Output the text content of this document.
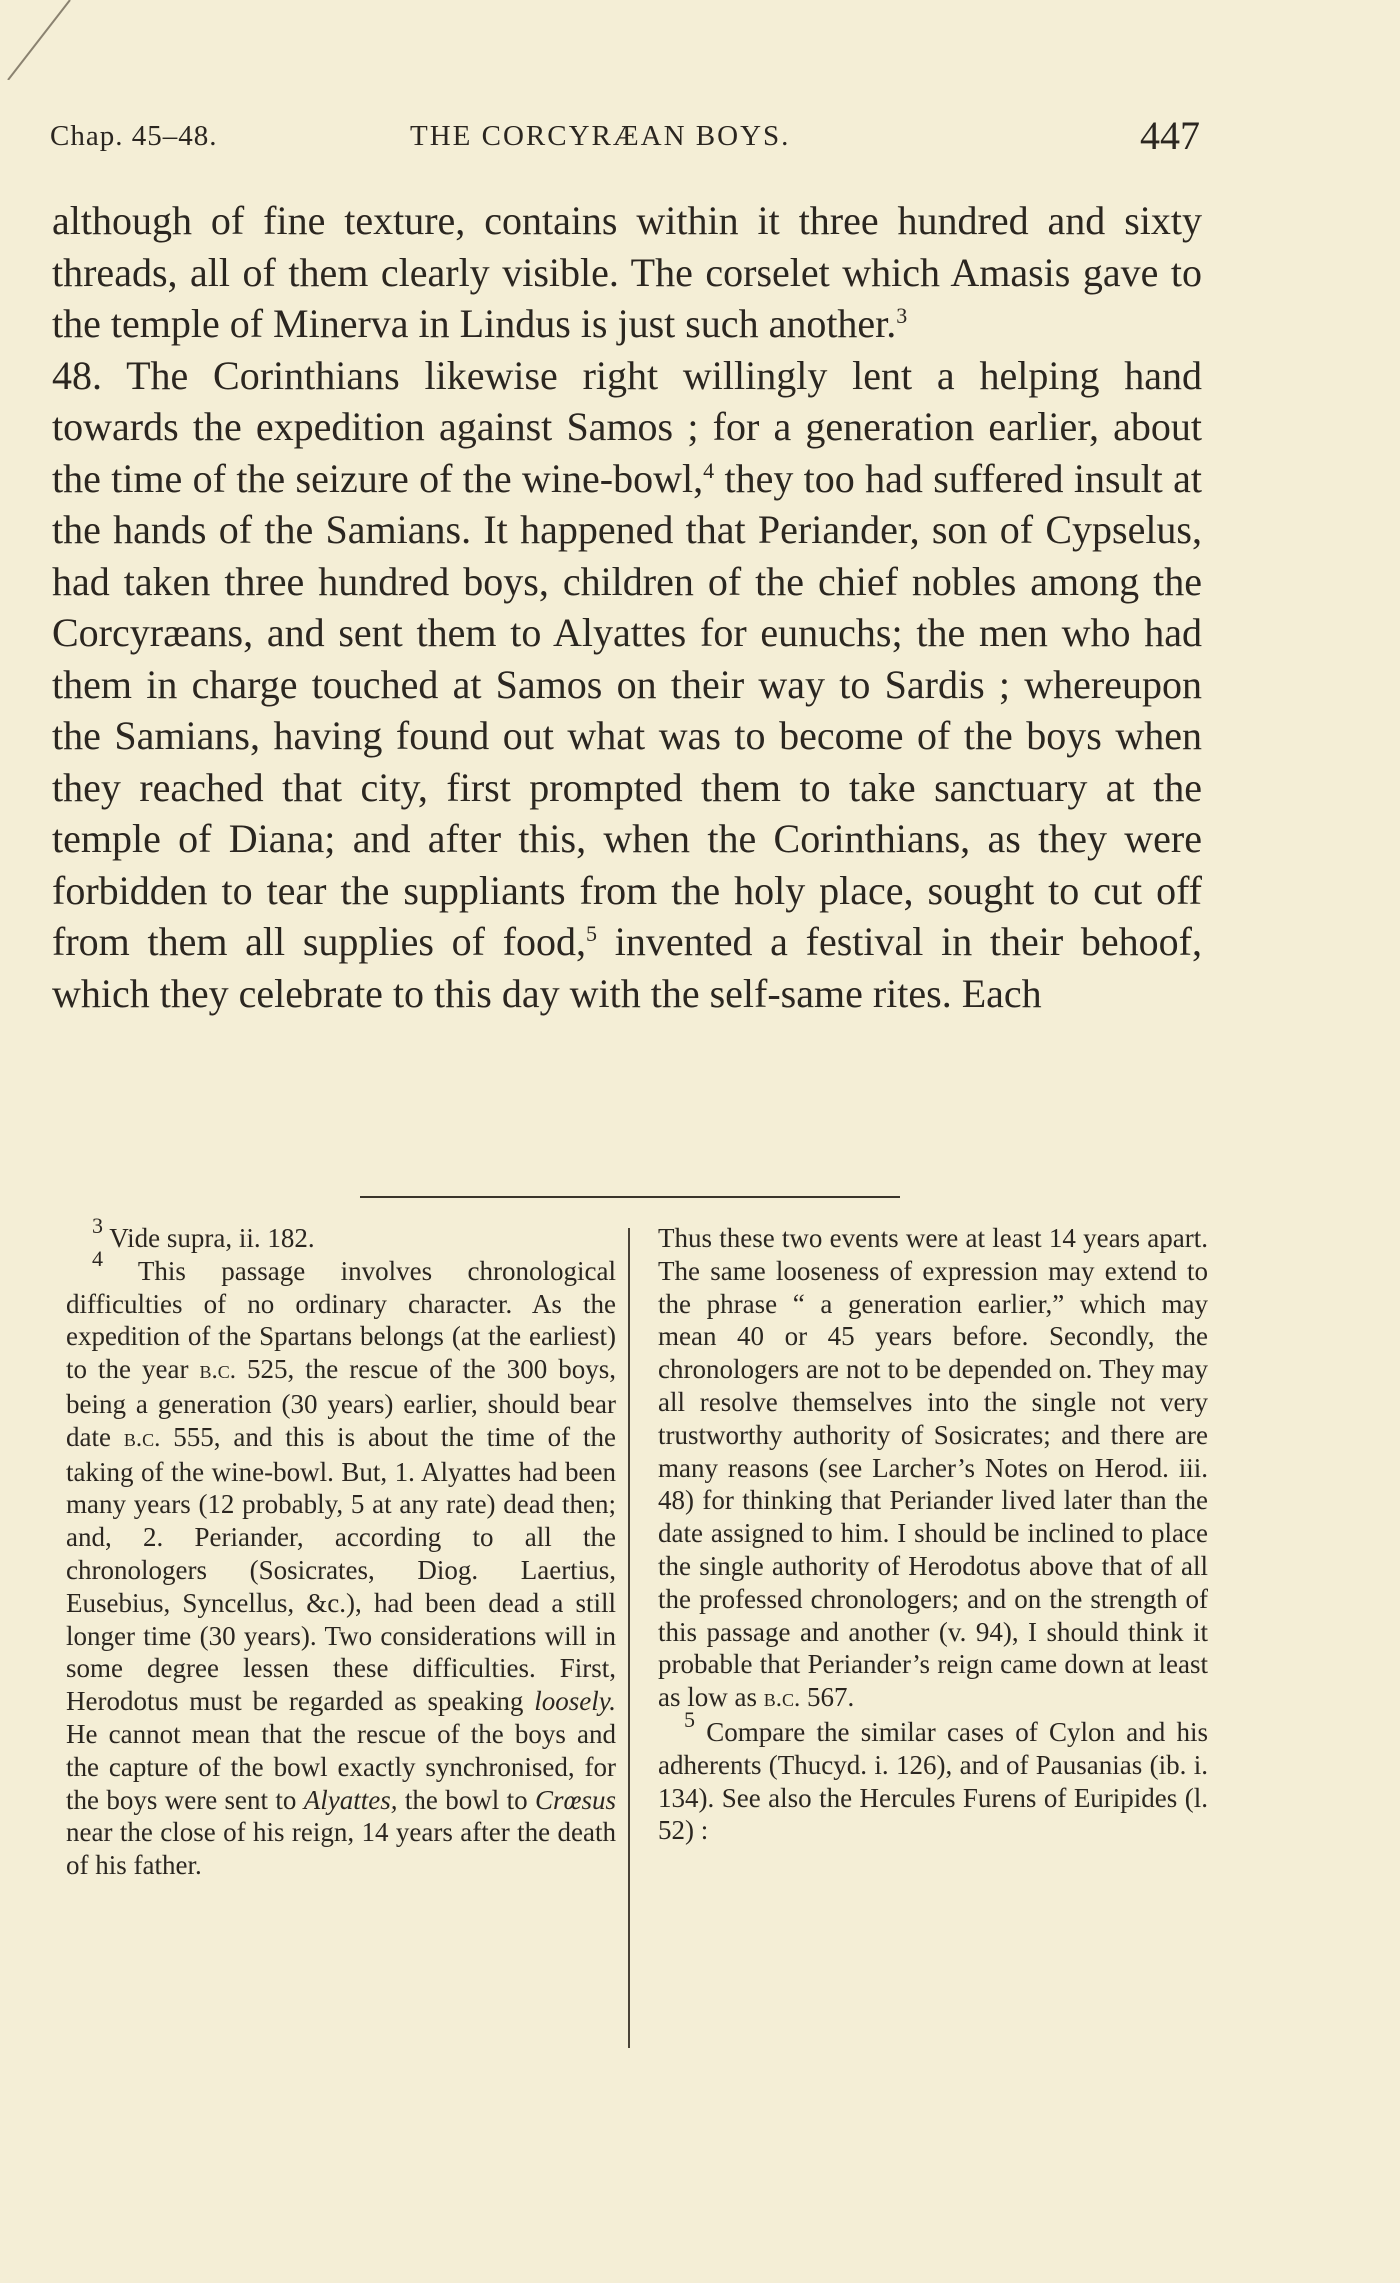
Chap. 45–48.	THE CORCYRÆAN BOYS.	447

although of fine texture, contains within it three hundred and sixty threads, all of them clearly visible. The corselet which Amasis gave to the temple of Minerva in Lindus is just such another.$^3$

48. The Corinthians likewise right willingly lent a helping hand towards the expedition against Samos ; for a generation earlier, about the time of the seizure of the wine-bowl,$^4$ they too had suffered insult at the hands of the Samians. It happened that Periander, son of Cypselus, had taken three hundred boys, children of the chief nobles among the Corcyræans, and sent them to Alyattes for eunuchs; the men who had them in charge touched at Samos on their way to Sardis ; whereupon the Samians, having found out what was to become of the boys when they reached that city, first prompted them to take sanctuary at the temple of Diana; and after this, when the Corinthians, as they were forbidden to tear the suppliants from the holy place, sought to cut off from them all supplies of food,$^5$ invented a festival in their behoof, which they celebrate to this day with the self-same rites. Each

$^3$ Vide supra, ii. 182.

$^4$ This passage involves chronological difficulties of no ordinary character. As the expedition of the Spartans belongs (at the earliest) to the year b.c. 525, the rescue of the 300 boys, being a generation (30 years) earlier, should bear date b.c. 555, and this is about the time of the taking of the wine-bowl. But, 1. Alyattes had been many years (12 probably, 5 at any rate) dead then; and, 2. Periander, according to all the chronologers (Sosicrates, Diog. Laertius, Eusebius, Syncellus, &c.), had been dead a still longer time (30 years). Two considerations will in some degree lessen these difficulties. First, Herodotus must be regarded as speaking loosely. He cannot mean that the rescue of the boys and the capture of the bowl exactly synchronised, for the boys were sent to Alyattes, the bowl to Crœsus near the close of his reign, 14 years after the death of his father.

Thus these two events were at least 14 years apart. The same looseness of expression may extend to the phrase “ a generation earlier,” which may mean 40 or 45 years before. Secondly, the chronologers are not to be depended on. They may all resolve themselves into the single not very trustworthy authority of Sosicrates; and there are many reasons (see Larcher’s Notes on Herod. iii. 48) for thinking that Periander lived later than the date assigned to him. I should be inclined to place the single authority of Herodotus above that of all the professed chronologers; and on the strength of this passage and another (v. 94), I should think it probable that Periander’s reign came down at least as low as b.c. 567.

$^5$ Compare the similar cases of Cylon and his adherents (Thucyd. i. 126), and of Pausanias (ib. i. 134). See also the Hercules Furens of Euripides (l. 52) :
